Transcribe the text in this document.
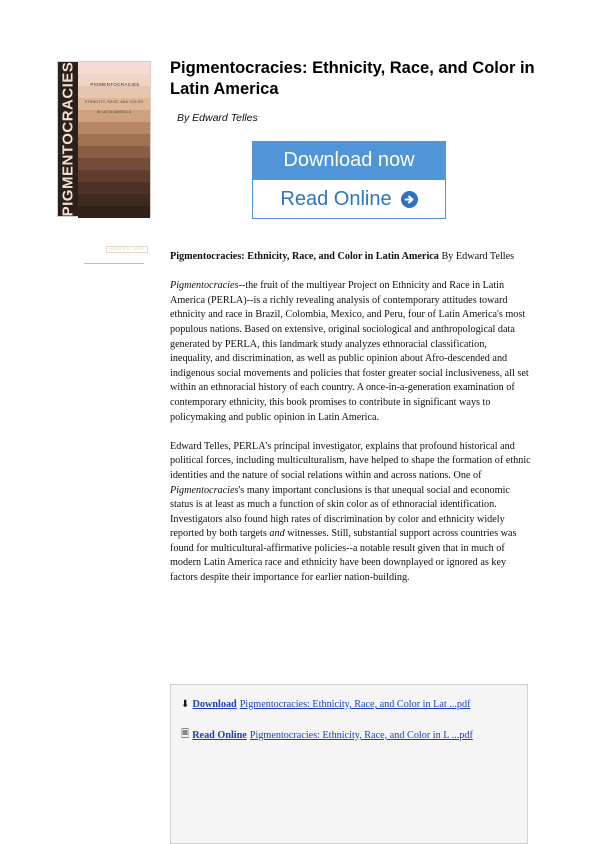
PIGMENTOCRACIES	PIGMENTOCRACIES
ETHNICITY, RACE, AND COLOR
IN LATIN AMERICA
Edward E. Telles
Pigmentocracies: Ethnicity, Race, and Color in Latin America
By Edward Telles
Download now
Read Online

Pigmentocracies: Ethnicity, Race, and Color in Latin America By Edward Telles

Pigmentocracies--the fruit of the multiyear Project on Ethnicity and Race in Latin America (PERLA)--is a richly revealing analysis of contemporary attitudes toward ethnicity and race in Brazil, Colombia, Mexico, and Peru, four of Latin America's most populous nations. Based on extensive, original sociological and anthropological data generated by PERLA, this landmark study analyzes ethnoracial classification, inequality, and discrimination, as well as public opinion about Afro-descended and indigenous social movements and policies that foster greater social inclusiveness, all set within an ethnoracial history of each country. A once-in-a-generation examination of contemporary ethnicity, this book promises to contribute in significant ways to policymaking and public opinion in Latin America.

Edward Telles, PERLA's principal investigator, explains that profound historical and political forces, including multiculturalism, have helped to shape the formation of ethnic identities and the nature of social relations within and across nations. One of Pigmentocracies's many important conclusions is that unequal social and economic status is at least as much a function of skin color as of ethnoracial identification. Investigators also found high rates of discrimination by color and ethnicity widely reported by both targets and witnesses. Still, substantial support across countries was found for multicultural-affirmative policies--a notable result given that in much of modern Latin America race and ethnicity have been downplayed or ignored as key factors despite their importance for earlier nation-building.

⬇ Download Pigmentocracies: Ethnicity, Race, and Color in Lat ...pdf
🗏 Read Online Pigmentocracies: Ethnicity, Race, and Color in L ...pdf
